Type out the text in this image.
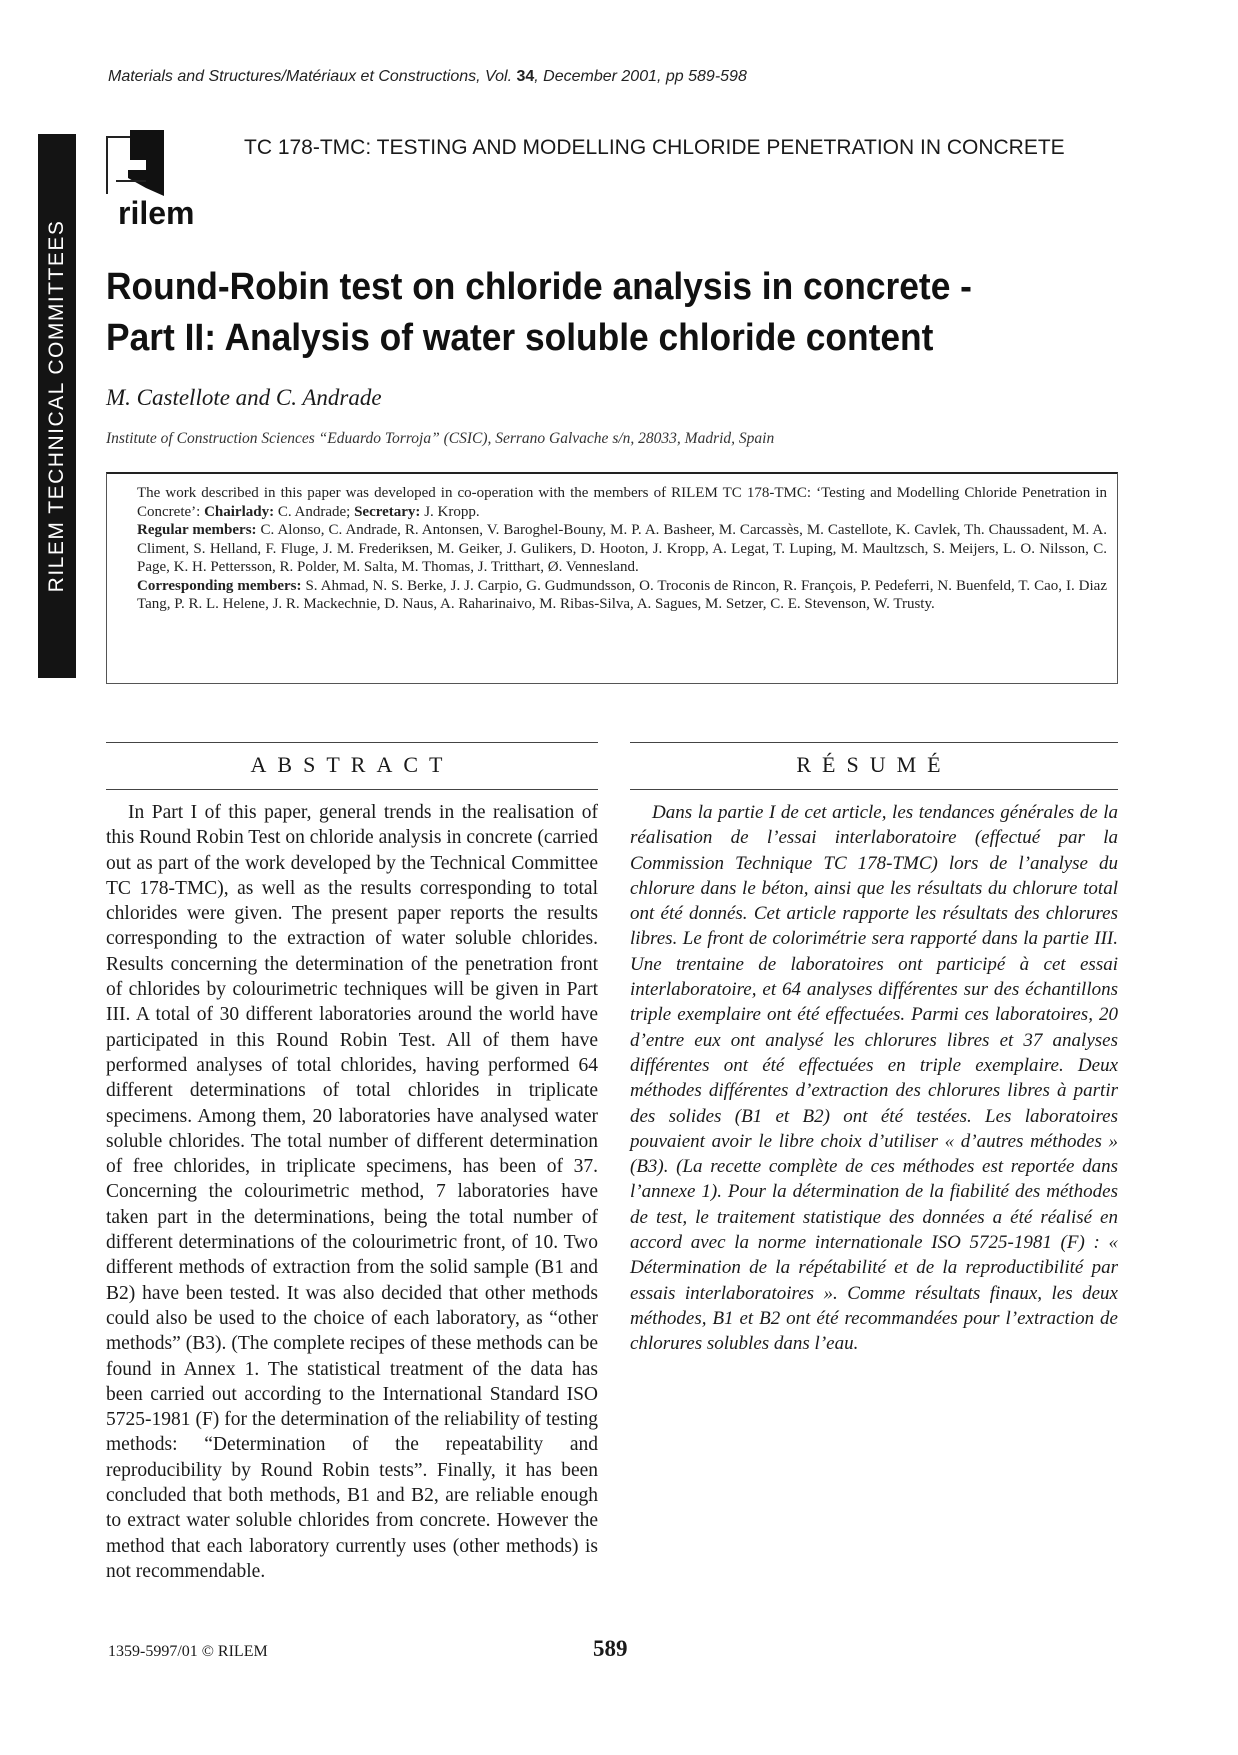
Materials and Structures/Matériaux et Constructions, Vol. 34, December 2001, pp 589-598
RILEM TECHNICAL COMMITTEES
rilem
TC 178-TMC: TESTING AND MODELLING CHLORIDE PENETRATION IN CONCRETE
Round-Robin test on chloride analysis in concrete -
Part II: Analysis of water soluble chloride content
M. Castellote and C. Andrade
Institute of Construction Sciences “Eduardo Torroja” (CSIC), Serrano Galvache s/n, 28033, Madrid, Spain

The work described in this paper was developed in co-operation with the members of RILEM TC 178-TMC: ‘Testing and Modelling Chloride Penetration in Concrete’: Chairlady: C. Andrade; Secretary: J. Kropp.

Regular members: C. Alonso, C. Andrade, R. Antonsen, V. Baroghel-Bouny, M. P. A. Basheer, M. Carcassès, M. Castellote, K. Cavlek, Th. Chaussadent, M. A. Climent, S. Helland, F. Fluge, J. M. Frederiksen, M. Geiker, J. Gulikers, D. Hooton, J. Kropp, A. Legat, T. Luping, M. Maultzsch, S. Meijers, L. O. Nilsson, C. Page, K. H. Pettersson, R. Polder, M. Salta, M. Thomas, J. Tritthart, Ø. Vennesland.

Corresponding members: S. Ahmad, N. S. Berke, J. J. Carpio, G. Gudmundsson, O. Troconis de Rincon, R. François, P. Pedeferri, N. Buenfeld, T. Cao, I. Diaz Tang, P. R. L. Helene, J. R. Mackechnie, D. Naus, A. Raharinaivo, M. Ribas-Silva, A. Sagues, M. Setzer, C. E. Stevenson, W. Trusty.

ABSTRACT

In Part I of this paper, general trends in the realisation of this Round Robin Test on chloride analysis in concrete (carried out as part of the work developed by the Technical Committee TC 178-TMC), as well as the results corresponding to total chlorides were given. The present paper reports the results corresponding to the extraction of water soluble chlorides. Results concerning the determination of the penetration front of chlorides by colourimetric techniques will be given in Part III. A total of 30 different laboratories around the world have participated in this Round Robin Test. All of them have performed analyses of total chlorides, having performed 64 different determinations of total chlorides in triplicate specimens. Among them, 20 laboratories have analysed water soluble chlorides. The total number of different determination of free chlorides, in triplicate specimens, has been of 37. Concerning the colourimetric method, 7 laboratories have taken part in the determinations, being the total number of different determinations of the colourimetric front, of 10. Two different methods of extraction from the solid sample (B1 and B2) have been tested. It was also decided that other methods could also be used to the choice of each laboratory, as “other methods” (B3). (The complete recipes of these methods can be found in Annex 1. The statistical treatment of the data has been carried out according to the International Standard ISO 5725-1981 (F) for the determination of the reliability of testing methods: “Determination of the repeatability and reproducibility by Round Robin tests”. Finally, it has been concluded that both methods, B1 and B2, are reliable enough to extract water soluble chlorides from concrete. However the method that each laboratory currently uses (other methods) is not recommendable.

RÉSUMÉ

Dans la partie I de cet article, les tendances générales de la réalisation de l’essai interlaboratoire (effectué par la Commission Technique TC 178-TMC) lors de l’analyse du chlorure dans le béton, ainsi que les résultats du chlorure total ont été donnés. Cet article rapporte les résultats des chlorures libres. Le front de colorimétrie sera rapporté dans la partie III. Une trentaine de laboratoires ont participé à cet essai interlaboratoire, et 64 analyses différentes sur des échantillons triple exemplaire ont été effectuées. Parmi ces laboratoires, 20 d’entre eux ont analysé les chlorures libres et 37 analyses différentes ont été effectuées en triple exemplaire. Deux méthodes différentes d’extraction des chlorures libres à partir des solides (B1 et B2) ont été testées. Les laboratoires pouvaient avoir le libre choix d’utiliser « d’autres méthodes » (B3). (La recette complète de ces méthodes est reportée dans l’annexe 1). Pour la détermination de la fiabilité des méthodes de test, le traitement statistique des données a été réalisé en accord avec la norme internationale ISO 5725-1981 (F) : « Détermination de la répétabilité et de la reproductibilité par essais interlaboratoires ». Comme résultats finaux, les deux méthodes, B1 et B2 ont été recommandées pour l’extraction de chlorures solubles dans l’eau.

1359-5997/01 © RILEM	589
